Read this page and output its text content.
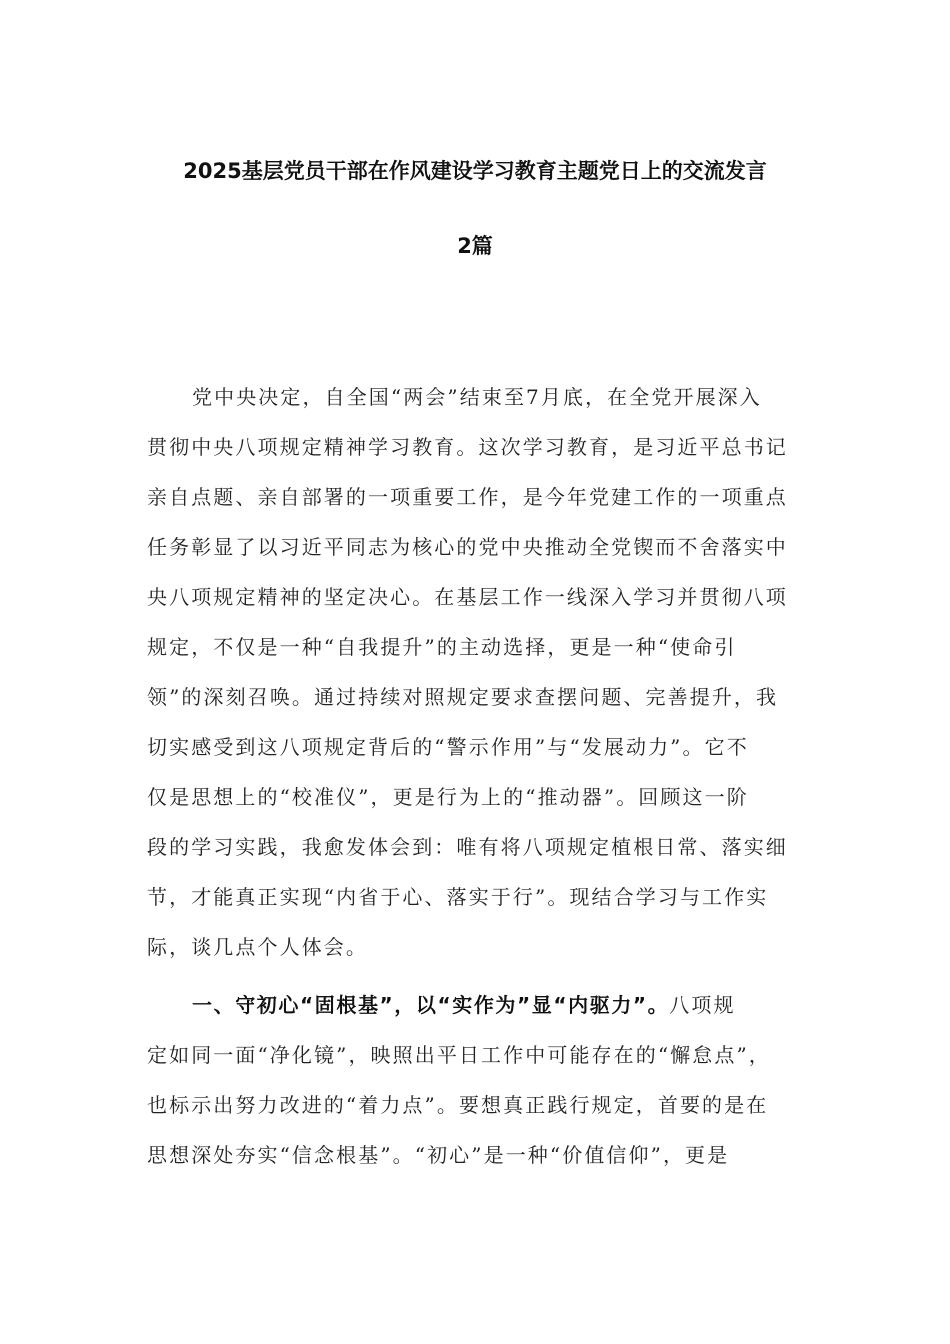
2025基层党员干部在作风建设学习教育主题党日上的交流发言
2篇
党中央决定，自全国“两会”结束至7月底，在全党开展深入
贯彻中央八项规定精神学习教育。这次学习教育，是习近平总书记
亲自点题、亲自部署的一项重要工作，是今年党建工作的一项重点
任务彰显了以习近平同志为核心的党中央推动全党锲而不舍落实中
央八项规定精神的坚定决心。在基层工作一线深入学习并贯彻八项
规定，不仅是一种“自我提升”的主动选择，更是一种“使命引
领”的深刻召唤。通过持续对照规定要求查摆问题、完善提升，我
切实感受到这八项规定背后的“警示作用”与“发展动力”。它不
仅是思想上的“校准仪”，更是行为上的“推动器”。回顾这一阶
段的学习实践，我愈发体会到：唯有将八项规定植根日常、落实细
节，才能真正实现“内省于心、落实于行”。现结合学习与工作实
际，谈几点个人体会。
一、守初心“固根基”，以“实作为”显“内驱力”。八项规
定如同一面“净化镜”，映照出平日工作中可能存在的“懈怠点”，
也标示出努力改进的“着力点”。要想真正践行规定，首要的是在
思想深处夯实“信念根基”。“初心”是一种“价值信仰”，更是
